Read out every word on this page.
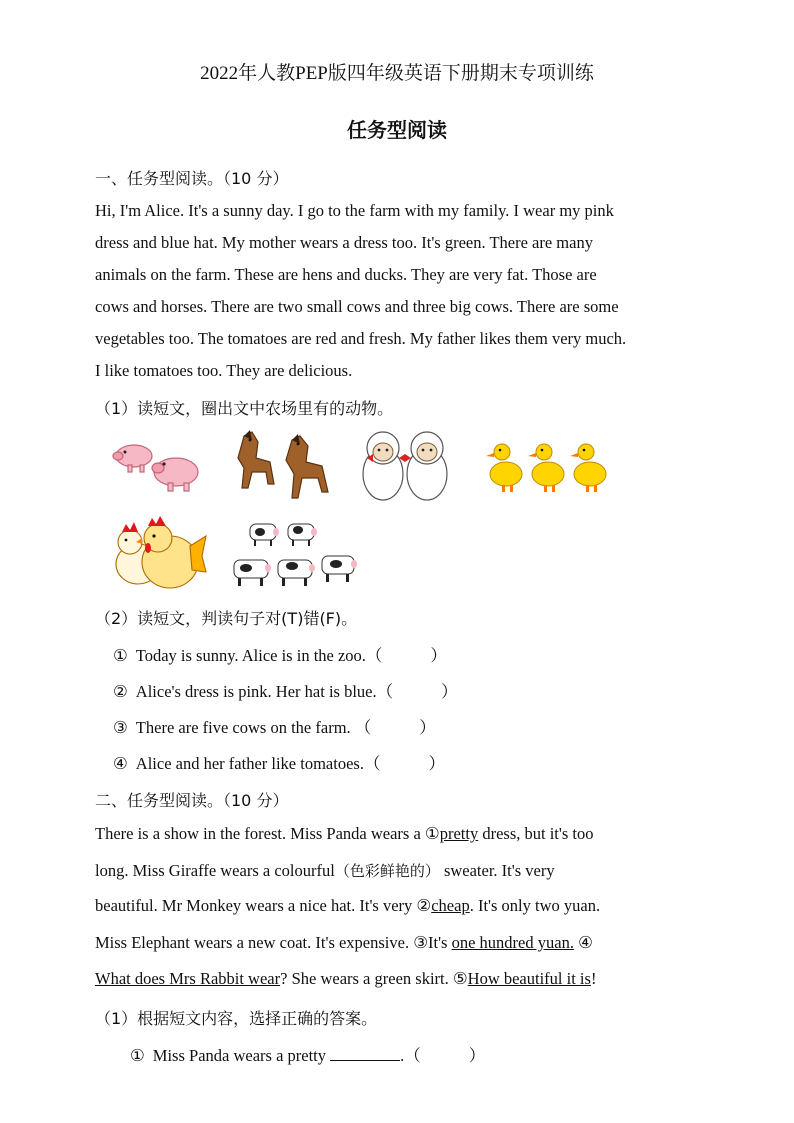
2022年人教PEP版四年级英语下册期末专项训练
任务型阅读
一、任务型阅读。（10 分）
Hi, I'm Alice. It's a sunny day. I go to the farm with my family. I wear my pink
dress and blue hat. My mother wears a dress too. It's green. There are many
animals on the farm. These are hens and ducks. They are very fat. Those are
cows and horses. There are two small cows and three big cows. There are some
vegetables too. The tomatoes are red and fresh. My father likes them very much.
I like tomatoes too. They are delicious.
（1）读短文，圈出文中农场里有的动物。
（2）读短文，判读句子对(T)错(F)。
① Today is sunny. Alice is in the zoo.（	）
② Alice's dress is pink. Her hat is blue.（	）
③ There are five cows on the farm. （	）
④ Alice and her father like tomatoes.（	）
二、任务型阅读。（10 分）
There is a show in the forest. Miss Panda wears a ①pretty dress, but it's too
long. Miss Giraffe wears a colourful（色彩鲜艳的） sweater. It's very
beautiful. Mr Monkey wears a nice hat. It's very ②cheap. It's only two yuan.
Miss Elephant wears a new coat. It's expensive. ③It's one hundred yuan. ④
What does Mrs Rabbit wear? She wears a green skirt. ⑤How beautiful it is!
（1）根据短文内容，选择正确的答案。
① Miss Panda wears a pretty	.（	）
